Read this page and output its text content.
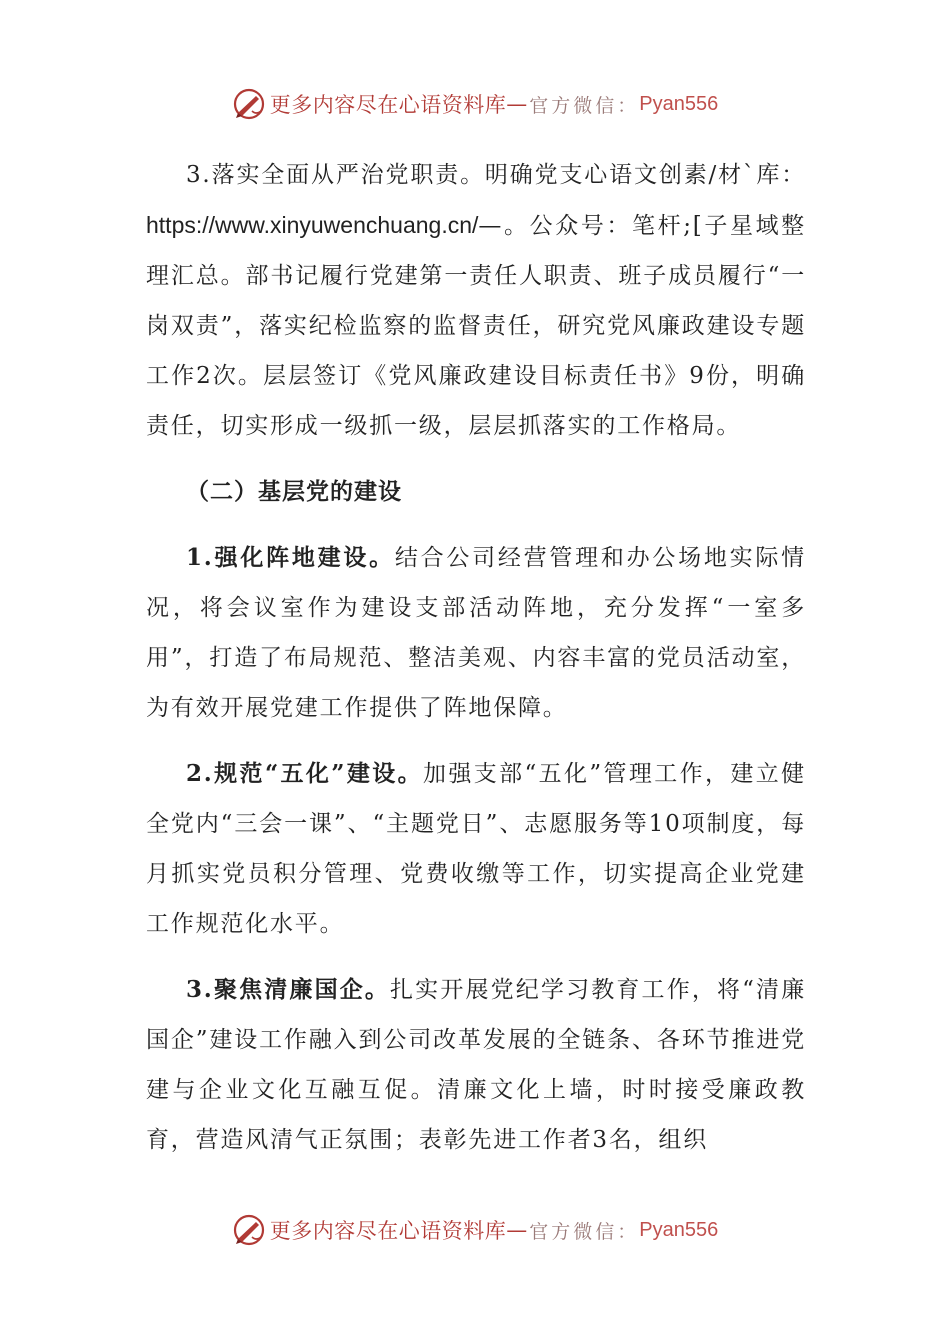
更多内容尽在心语资料库 — 官方微信： Pyan556

3.落实全面从严治党职责。明确党支心语文创素/材`库：https://www.xinyuwenchuang.cn/—。公众号：笔杆;[子星域整理汇总。部书记履行党建第一责任人职责、班子成员履行“一岗双责”，落实纪检监察的监督责任，研究党风廉政建设专题工作2次。层层签订《党风廉政建设目标责任书》9份，明确责任，切实形成一级抓一级，层层抓落实的工作格局。

（二）基层党的建设

1.强化阵地建设。结合公司经营管理和办公场地实际情况，将会议室作为建设支部活动阵地，充分发挥“一室多用”，打造了布局规范、整洁美观、内容丰富的党员活动室，为有效开展党建工作提供了阵地保障。

2.规范“五化”建设。加强支部“五化”管理工作，建立健全党内“三会一课”、“主题党日”、志愿服务等10项制度，每月抓实党员积分管理、党费收缴等工作，切实提高企业党建工作规范化水平。

3.聚焦清廉国企。扎实开展党纪学习教育工作，将“清廉国企”建设工作融入到公司改革发展的全链条、各环节推进党建与企业文化互融互促。清廉文化上墙，时时接受廉政教育，营造风清气正氛围；表彰先进工作者3名，组织

更多内容尽在心语资料库 — 官方微信： Pyan556
